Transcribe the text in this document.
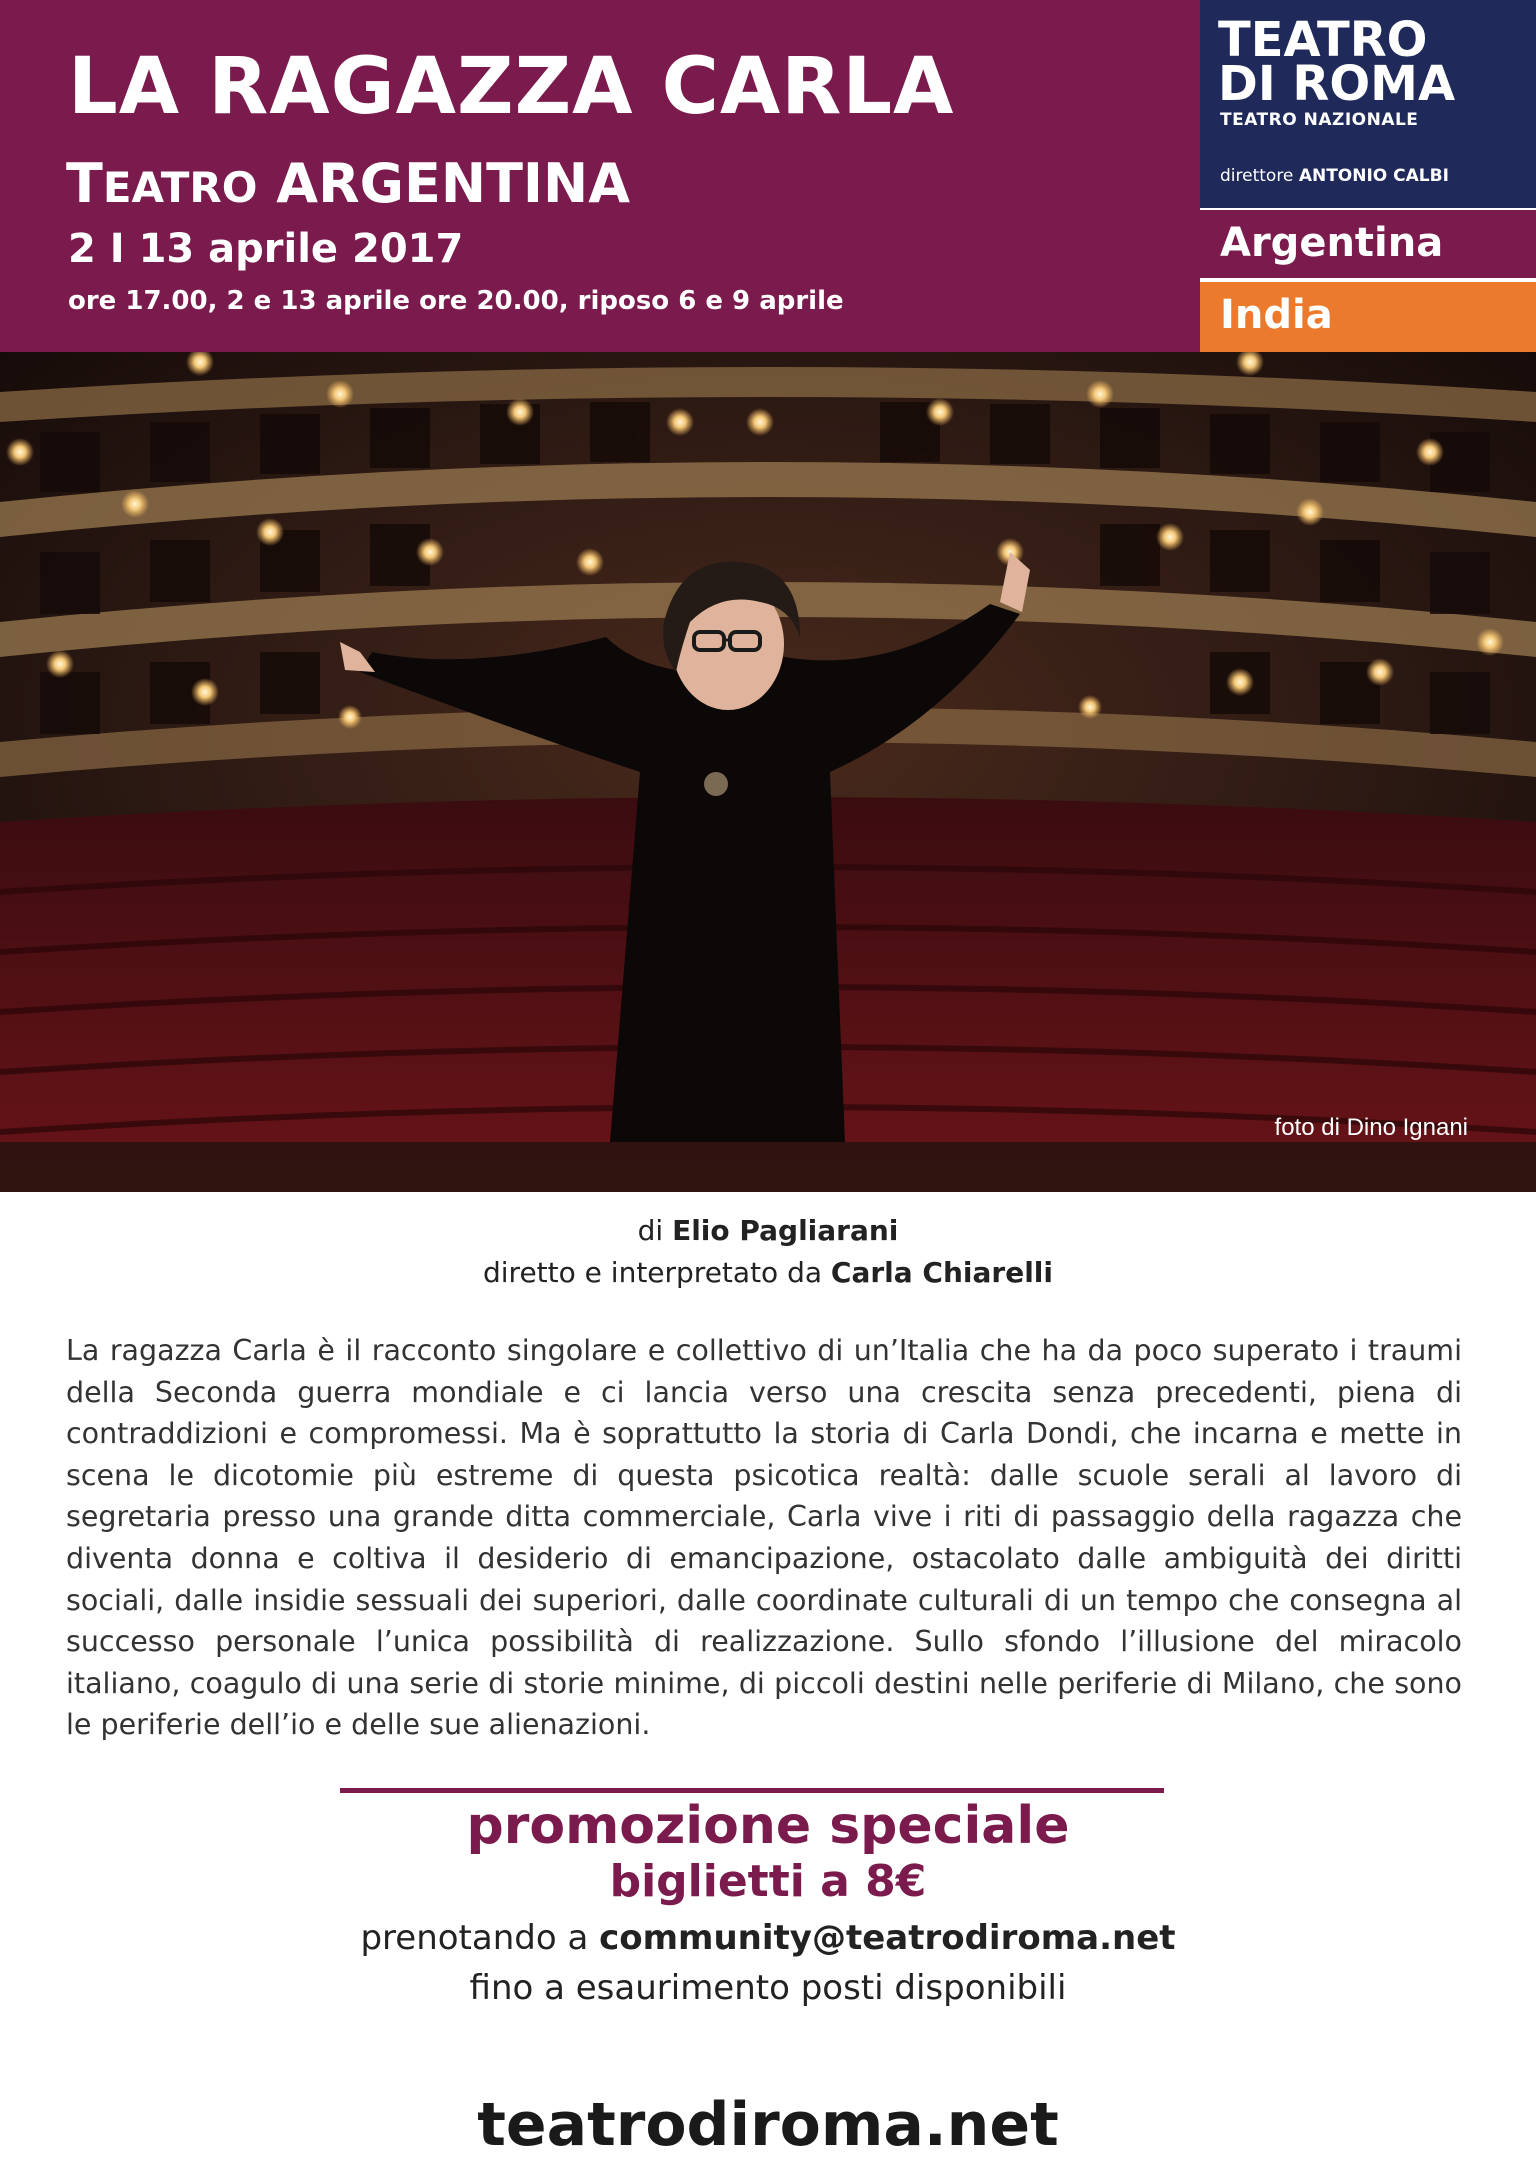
LA RAGAZZA CARLA
TEATRO ARGENTINA
2 I 13 aprile 2017
ore 17.00, 2 e 13 aprile ore 20.00, riposo 6 e 9 aprile
TEATRO
DI ROMA
TEATRO NAZIONALE
direttore ANTONIO CALBI
Argentina
India
foto di Dino Ignani
di Elio Pagliarani
diretto e interpretato da Carla Chiarelli
La ragazza Carla è il racconto singolare e collettivo di un’Italia che ha da poco superato i traumi della Seconda guerra mondiale e ci lancia verso una crescita senza precedenti, piena di contraddizioni e compromessi. Ma è soprattutto la storia di Carla Dondi, che incarna e mette in scena le dicotomie più estreme di questa psicotica realtà: dalle scuole serali al lavoro di segretaria presso una grande ditta commerciale, Carla vive i riti di passaggio della ragazza che diventa donna e coltiva il desiderio di emancipazione, ostacolato dalle ambiguità dei diritti sociali, dalle insidie sessuali dei superiori, dalle coordinate culturali di un tempo che consegna al successo personale l’unica possibilità di realizzazione. Sullo sfondo l’illusione del miracolo italiano, coagulo di una serie di storie minime, di piccoli destini nelle periferie di Milano, che sono le periferie dell’io e delle sue alienazioni.
promozione speciale
biglietti a 8€
prenotando a community@teatrodiroma.net
fino a esaurimento posti disponibili
teatrodiroma.net
